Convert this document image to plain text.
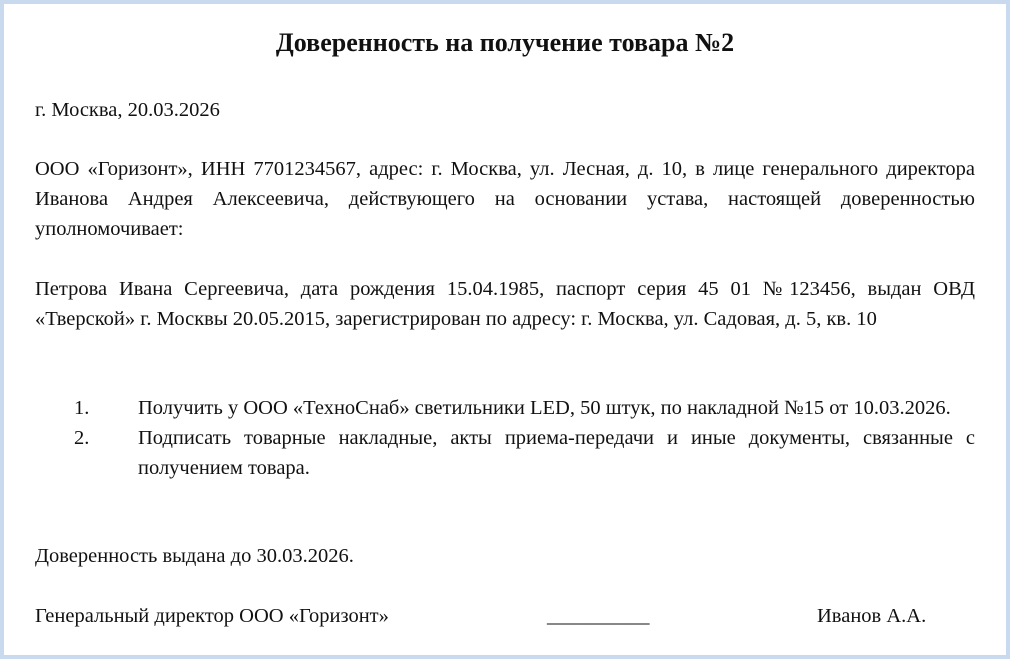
Доверенность на получение товара №2
г. Москва, 20.03.2026
ООО «Горизонт», ИНН 7701234567, адрес: г. Москва, ул. Лесная, д. 10, в лице генерального директора Иванова Андрея Алексеевича, действующего на основании устава, настоящей доверенностью уполномочивает:
Петрова Ивана Сергеевича, дата рождения 15.04.1985, паспорт серия 45 01 №123456, выдан ОВД «Тверской» г. Москвы 20.05.2015, зарегистрирован по адресу: г. Москва, ул. Садовая, д. 5, кв. 10
1. Получить у ООО «ТехноСнаб» светильники LED, 50 штук, по накладной №15 от 10.03.2026.
2. Подписать товарные накладные, акты приема-передачи и иные документы, связанные с получением товара.
Доверенность выдана до 30.03.2026.
Генеральный директор ООО «Горизонт»	__________	Иванов А.А.
